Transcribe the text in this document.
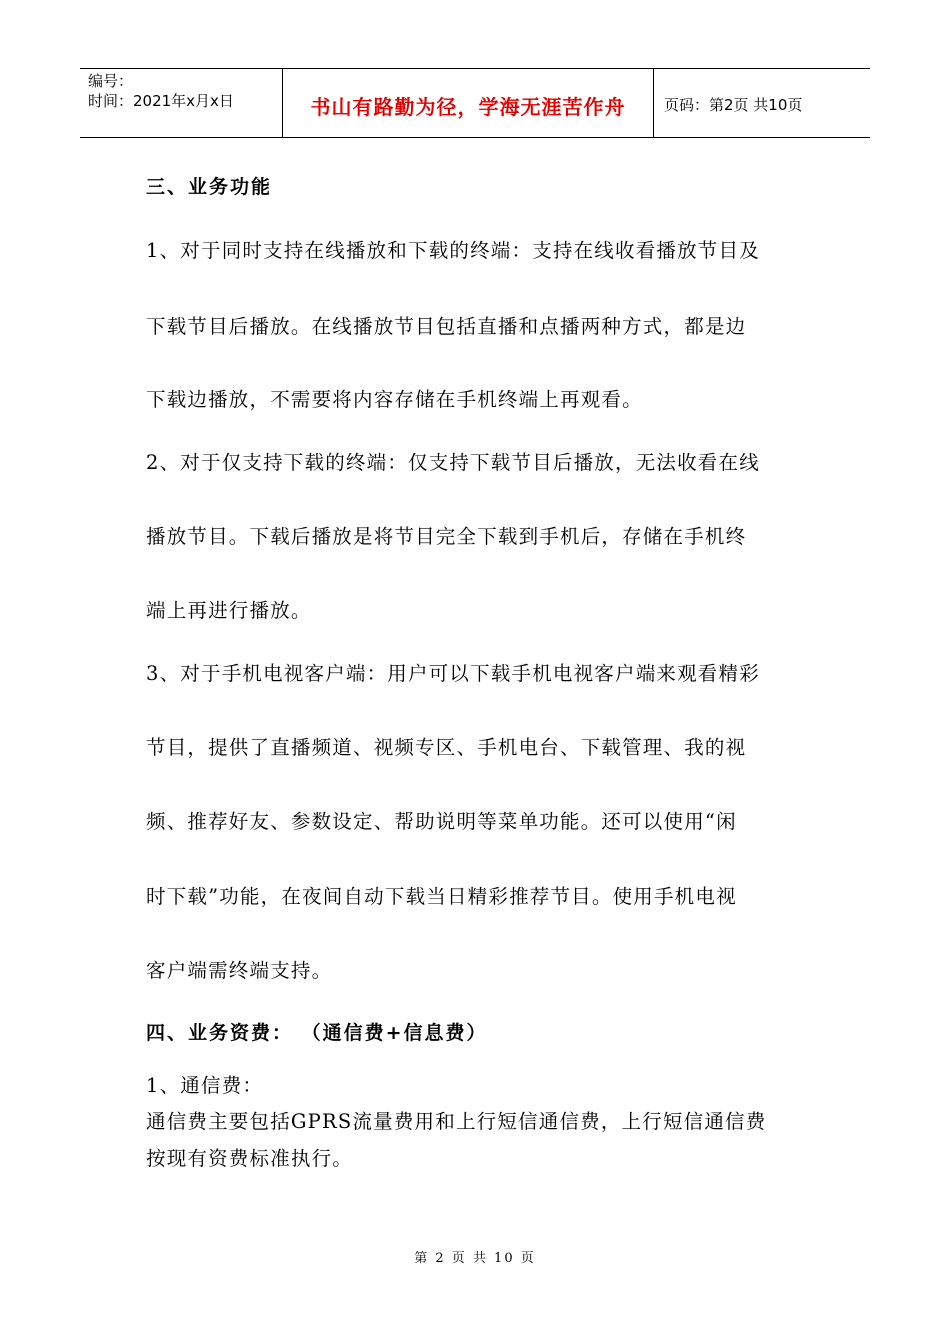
编号：
时间：2021年x月x日	书山有路勤为径，学海无涯苦作舟	页码：第2页 共10页
三、业务功能
1、对于同时支持在线播放和下载的终端：支持在线收看播放节目及
下载节目后播放。在线播放节目包括直播和点播两种方式，都是边
下载边播放，不需要将内容存储在手机终端上再观看。
2、对于仅支持下载的终端：仅支持下载节目后播放，无法收看在线
播放节目。下载后播放是将节目完全下载到手机后，存储在手机终
端上再进行播放。
3、对于手机电视客户端：用户可以下载手机电视客户端来观看精彩
节目，提供了直播频道、视频专区、手机电台、下载管理、我的视
频、推荐好友、参数设定、帮助说明等菜单功能。还可以使用“闲
时下载”功能，在夜间自动下载当日精彩推荐节目。使用手机电视
客户端需终端支持。
四、业务资费： （通信费+信息费）
1、通信费：
通信费主要包括GPRS流量费用和上行短信通信费，上行短信通信费
按现有资费标准执行。
第 2 页 共 10 页
